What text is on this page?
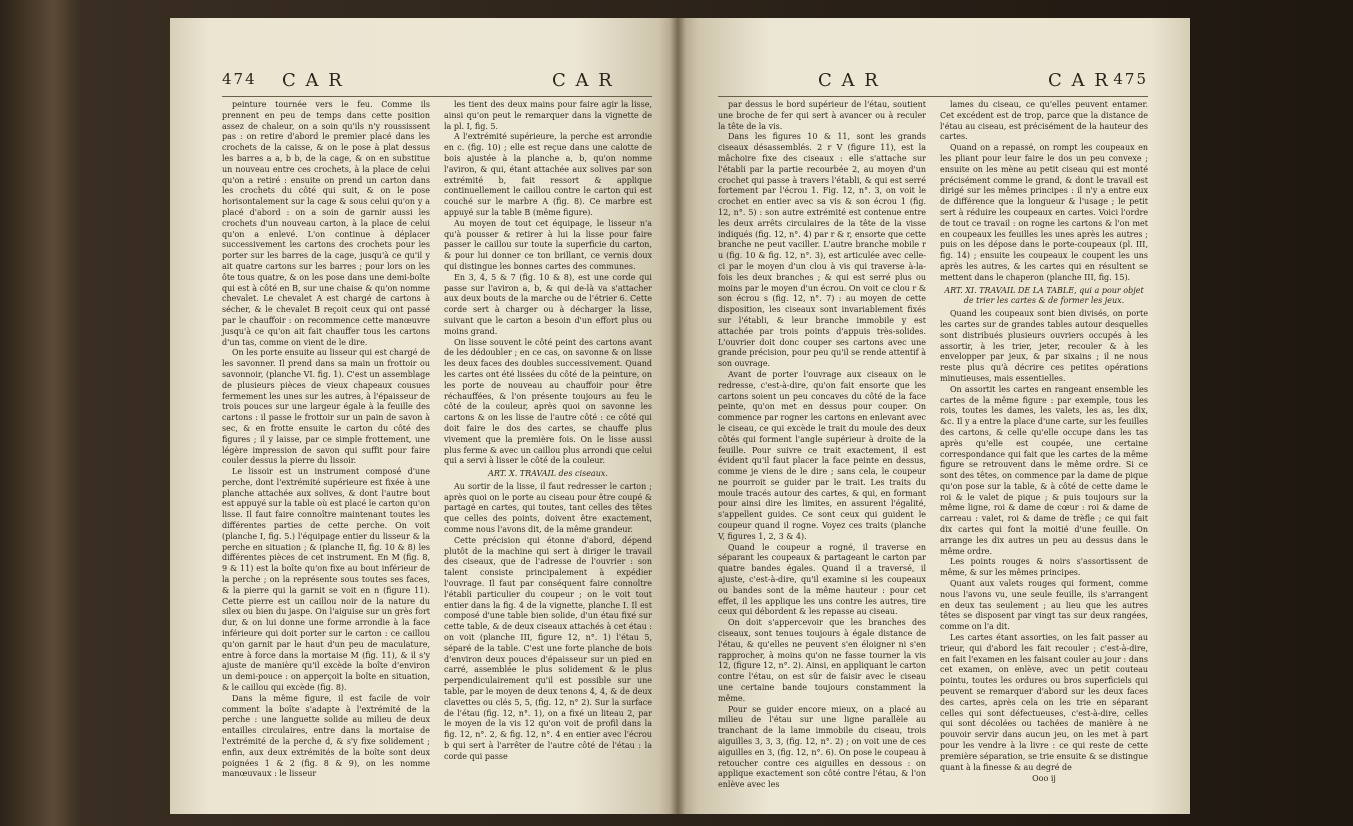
474 C A R	C A R

peinture tournée vers le feu. Comme ils prennent en peu de temps dans cette position assez de chaleur, on a soin qu'ils n'y roussissent pas : on retire d'abord le premier placé dans les crochets de la caisse, & on le pose à plat dessus les barres a a, b b, de la cage, & on en substitue un nouveau entre ces crochets, à la place de celui qu'on a retiré : ensuite on prend un carton dans les crochets du côté qui suit, & on le pose horisontalement sur la cage & sous celui qu'on y a placé d'abord : on a soin de garnir aussi les crochets d'un nouveau carton, à la place de celui qu'on a enlevé. L'on continue à déplacer successivement les cartons des crochets pour les porter sur les barres de la cage, jusqu'à ce qu'il y ait quatre cartons sur les barres ; pour lors on les ôte tous quatre, & on les pose dans une demi-boîte qui est à côté en B, sur une chaise & qu'on nomme chevalet. Le chevalet A est chargé de cartons à sécher, & le chevalet B reçoit ceux qui ont passé par le chauffoir : on recommence cette manœuvre jusqu'à ce qu'on ait fait chauffer tous les cartons d'un tas, comme on vient de le dire.

On les porte ensuite au lisseur qui est chargé de les savonner. Il prend dans sa main un frottoir ou savonnoir, (planche VI. fig. 1). C'est un assemblage de plusieurs pièces de vieux chapeaux cousues fermement les unes sur les autres, à l'épaisseur de trois pouces sur une largeur égale à la feuille des cartons : il passe le frottoir sur un pain de savon à sec, & en frotte ensuite le carton du côté des figures ; il y laisse, par ce simple frottement, une légère impression de savon qui suffit pour faire couler dessus la pierre du lissoir.

Le lissoir est un instrument composé d'une perche, dont l'extrémité supérieure est fixée à une planche attachée aux solives, & dont l'autre bout est appuyé sur la table où est placé le carton qu'on lisse. Il faut faire connoître maintenant toutes les différentes parties de cette perche. On voit (planche I, fig. 5.) l'équipage entier du lisseur & la perche en situation ; & (planche II, fig. 10 & 8) les différentes pièces de cet instrument. En M (fig. 8, 9 & 11) est la boîte qu'on fixe au bout inférieur de la perche ; on la représente sous toutes ses faces, & la pierre qui la garnit se voit en n (figure 11). Cette pierre est un caillou noir de la nature du silex ou bien du jaspe. On l'aiguise sur un grès fort dur, & on lui donne une forme arrondie à la face inférieure qui doit porter sur le carton : ce caillou qu'on garnit par le haut d'un peu de maculature, entre à force dans la mortaise M (fig. 11), & il s'y ajuste de manière qu'il excède la boîte d'environ un demi-pouce : on apperçoit la boîte en situation, & le caillou qui excède (fig. 8).

Dans la même figure, il est facile de voir comment la boîte s'adapte à l'extrémité de la perche : une languette solide au milieu de deux entailles circulaires, entre dans la mortaise de l'extrémité de la perche d, & s'y fixe solidement ; enfin, aux deux extrémités de la boîte sont deux poignées 1 & 2 (fig. 8 & 9), on les nomme manœuvaux : le lisseur

les tient des deux mains pour faire agir la lisse, ainsi qu'on peut le remarquer dans la vignette de la pl. I, fig. 5.

A l'extrémité supérieure, la perche est arrondie en c. (fig. 10) ; elle est reçue dans une calotte de bois ajustée à la planche a, b, qu'on nomme l'aviron, & qui, étant attachée aux solives par son extrémité b, fait ressort & applique continuellement le caillou contre le carton qui est couché sur le marbre A (fig. 8). Ce marbre est appuyé sur la table B (même figure).

Au moyen de tout cet équipage, le lisseur n'a qu'à pousser & retirer à lui la lisse pour faire passer le caillou sur toute la superficie du carton, & pour lui donner ce ton brillant, ce vernis doux qui distingue les bonnes cartes des communes.

En 3, 4, 5 & 7 (fig. 10 & 8), est une corde qui passe sur l'aviron a, b, & qui de-là va s'attacher aux deux bouts de la marche ou de l'étrier 6. Cette corde sert à charger ou à décharger la lisse, suivant que le carton a besoin d'un effort plus ou moins grand.

On lisse souvent le côté peint des cartons avant de les dédoubler ; en ce cas, on savonne & on lisse les deux faces des doubles successivement. Quand les cartes ont été lissées du côté de la peinture, on les porte de nouveau au chauffoir pour être réchauffées, & l'on présente toujours au feu le côté de la couleur, après quoi on savonne les cartons & on les lisse de l'autre côté : ce côté qui doit faire le dos des cartes, se chauffe plus vivement que la première fois. On le lisse aussi plus ferme & avec un caillou plus arrondi que celui qui a servi à lisser le côté de la couleur.

ART. X. TRAVAIL des ciseaux.

Au sortir de la lisse, il faut redresser le carton ; après quoi on le porte au ciseau pour être coupé & partagé en cartes, qui toutes, tant celles des têtes que celles des points, doivent être exactement, comme nous l'avons dit, de la même grandeur.

Cette précision qui étonne d'abord, dépend plutôt de la machine qui sert à diriger le travail des ciseaux, que de l'adresse de l'ouvrier : son talent consiste principalement à expédier l'ouvrage. Il faut par conséquent faire connoître l'établi particulier du coupeur ; on le voit tout entier dans la fig. 4 de la vignette, planche I. Il est composé d'une table bien solide, d'un étau fixé sur cette table, & de deux ciseaux attachés à cet étau : on voit (planche III, figure 12, n°. 1) l'étau 5, séparé de la table. C'est une forte planche de bois d'environ deux pouces d'épaisseur sur un pied en carré, assemblée le plus solidement & le plus perpendiculairement qu'il est possible sur une table, par le moyen de deux tenons 4, 4, & de deux clavettes ou clés 5, 5, (fig. 12, n° 2). Sur la surface de l'étau (fig. 12, n°. 1), on a fixé un liteau 2, par le moyen de la vis 12 qu'on voit de profil dans la fig. 12, n°. 2, & fig. 12, n°. 4 en entier avec l'écrou b qui sert à l'arrêter de l'autre côté de l'étau : la corde qui passe

C A R	C A R 475

par dessus le bord supérieur de l'étau, soutient une broche de fer qui sert à avancer ou à reculer la tête de la vis.

Dans les figures 10 & 11, sont les grands ciseaux désassemblés. 2 r V (figure 11), est la mâchoire fixe des ciseaux : elle s'attache sur l'établi par la partie recourbée 2, au moyen d'un crochet qui passe à travers l'établi, & qui est serré fortement par l'écrou 1. Fig. 12, n°. 3, on voit le crochet en entier avec sa vis & son écrou 1 (fig. 12, n°. 5) : son autre extrémité est contenue entre les deux arrêts circulaires de la tête de la visse indiqués (fig. 12, n°. 4) par r & r, ensorte que cette branche ne peut vaciller. L'autre branche mobile r u (fig. 10 & fig. 12, n°. 3), est articulée avec celle-ci par le moyen d'un clou à vis qui traverse à-la-fois les deux branches ; & qui est serré plus ou moins par le moyen d'un écrou. On voit ce clou r & son écrou s (fig. 12, n°. 7) : au moyen de cette disposition, les ciseaux sont invariablement fixés sur l'établi, & leur branche immobile y est attachée par trois points d'appuis très-solides. L'ouvrier doit donc couper ses cartons avec une grande précision, pour peu qu'il se rende attentif à son ouvrage.

Avant de porter l'ouvrage aux ciseaux on le redresse, c'est-à-dire, qu'on fait ensorte que les cartons soient un peu concaves du côté de la face peinte, qu'on met en dessus pour couper. On commence par rogner les cartons en enlevant avec le ciseau, ce qui excède le trait du moule des deux côtés qui forment l'angle supérieur à droite de la feuille. Pour suivre ce trait exactement, il est évident qu'il faut placer la face peinte en dessus, comme je viens de le dire ; sans cela, le coupeur ne pourroit se guider par le trait. Les traits du moule tracés autour des cartes, & qui, en formant pour ainsi dire les limites, en assurent l'égalité, s'appellent guides. Ce sont ceux qui guident le coupeur quand il rogne. Voyez ces traits (planche V, figures 1, 2, 3 & 4).

Quand le coupeur a rogné, il traverse en séparant les coupeaux & partageant le carton par quatre bandes égales. Quand il a traversé, il ajuste, c'est-à-dire, qu'il examine si les coupeaux ou bandes sont de la même hauteur : pour cet effet, il les applique les uns contre les autres, tire ceux qui débordent & les repasse au ciseau.

On doit s'appercevoir que les branches des ciseaux, sont tenues toujours à égale distance de l'étau, & qu'elles ne peuvent s'en éloigner ni s'en rapprocher, à moins qu'on ne fasse tourner la vis 12, (figure 12, n°. 2). Ainsi, en appliquant le carton contre l'étau, on est sûr de faisir avec le ciseau une certaine bande toujours constamment la même.

Pour se guider encore mieux, on a placé au milieu de l'étau sur une ligne parallèle au tranchant de la lame immobile du ciseau, trois aiguilles 3, 3, 3, (fig. 12, n°. 2) ; on voit une de ces aiguilles en 3, (fig. 12, n°. 6). On pose le coupeau à retoucher contre ces aiguilles en dessous : on applique exactement son côté contre l'étau, & l'on enlève avec les

lames du ciseau, ce qu'elles peuvent entamer. Cet excédent est de trop, parce que la distance de l'étau au ciseau, est précisément de la hauteur des cartes.

Quand on a repassé, on rompt les coupeaux en les pliant pour leur faire le dos un peu convexe ; ensuite on les mène au petit ciseau qui est monté précisément comme le grand, & dont le travail est dirigé sur les mêmes principes : il n'y a entre eux de différence que la longueur & l'usage ; le petit sert à réduire les coupeaux en cartes. Voici l'ordre de tout ce travail : on rogne les cartons & l'on met en coupeaux les feuilles les unes après les autres ; puis on les dépose dans le porte-coupeaux (pl. III, fig. 14) ; ensuite les coupeaux le coupent les uns après les autres, & les cartes qui en résultent se mettent dans le chaperon (planche III, fig. 15).

ART. XI. TRAVAIL DE LA TABLE, qui a pour objet de trier les cartes & de former les jeux.

Quand les coupeaux sont bien divisés, on porte les cartes sur de grandes tables autour desquelles sont distribués plusieurs ouvriers occupés à les assortir, à les trier, jeter, recouler & à les envelopper par jeux, & par sixains ; il ne nous reste plus qu'à décrire ces petites opérations minutieuses, mais essentielles.

On assortit les cartes en rangeant ensemble les cartes de la même figure : par exemple, tous les rois, toutes les dames, les valets, les as, les dix, &c. Il y a entre la place d'une carte, sur les feuilles des cartons, & celle qu'elle occupe dans les tas après qu'elle est coupée, une certaine correspondance qui fait que les cartes de la même figure se retrouvent dans le même ordre. Si ce sont des têtes, on commence par la dame de pique qu'on pose sur la table, & à côté de cette dame le roi & le valet de pique ; & puis toujours sur la même ligne, roi & dame de cœur : roi & dame de carreau : valet, roi & dame de trèfle ; ce qui fait dix cartes qui font la moitié d'une feuille. On arrange les dix autres un peu au dessus dans le même ordre.

Les points rouges & noirs s'assortissent de même, & sur les mêmes principes.

Quant aux valets rouges qui forment, comme nous l'avons vu, une seule feuille, ils s'arrangent en deux tas seulement ; au lieu que les autres têtes se disposent par vingt tas sur deux rangées, comme on l'a dit.

Les cartes étant assorties, on les fait passer au trieur, qui d'abord les fait recouler ; c'est-à-dire, en fait l'examen en les faisant couler au jour : dans cet examen, on enlève, avec un petit couteau pointu, toutes les ordures ou bros superficiels qui peuvent se remarquer d'abord sur les deux faces des cartes, après cela on les trie en séparant celles qui sont défectueuses, c'est-à-dire, celles qui sont décolées ou tachées de manière à ne pouvoir servir dans aucun jeu, on les met à part pour les vendre à la livre : ce qui reste de cette première séparation, se trie ensuite & se distingue quant à la finesse & au degré de

Ooo ij
